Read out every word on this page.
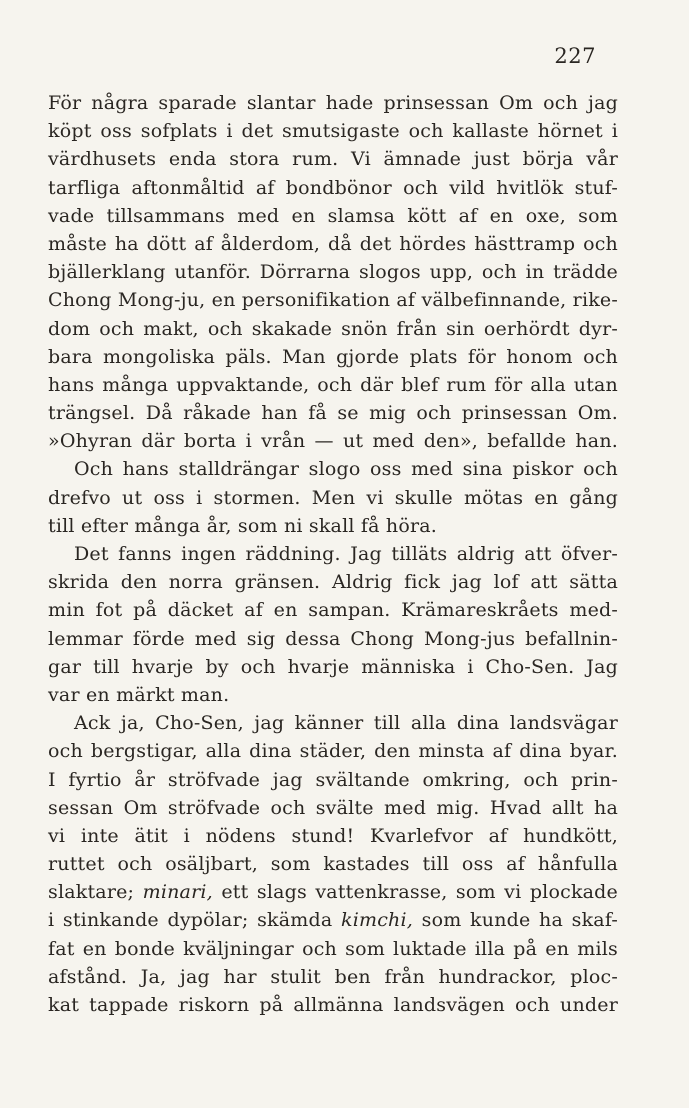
227
För några sparade slantar hade prinsessan Om och jag
köpt oss sofplats i det smutsigaste och kallaste hörnet i
värdhusets enda stora rum. Vi ämnade just börja vår
tarfliga aftonmåltid af bondbönor och vild hvitlök stuf-
vade tillsammans med en slamsa kött af en oxe, som
måste ha dött af ålderdom, då det hördes hästtramp och
bjällerklang utanför. Dörrarna slogos upp, och in trädde
Chong Mong-ju, en personifikation af välbefinnande, rike-
dom och makt, och skakade snön från sin oerhördt dyr-
bara mongoliska päls. Man gjorde plats för honom och
hans många uppvaktande, och där blef rum för alla utan
trängsel. Då råkade han få se mig och prinsessan Om.
»Ohyran där borta i vrån — ut med den», befallde han.
Och hans stalldrängar slogo oss med sina piskor och
drefvo ut oss i stormen. Men vi skulle mötas en gång
till efter många år, som ni skall få höra.
Det fanns ingen räddning. Jag tilläts aldrig att öfver-
skrida den norra gränsen. Aldrig fick jag lof att sätta
min fot på däcket af en sampan. Krämareskråets med-
lemmar förde med sig dessa Chong Mong-jus befallnin-
gar till hvarje by och hvarje människa i Cho-Sen. Jag
var en märkt man.
Ack ja, Cho-Sen, jag känner till alla dina landsvägar
och bergstigar, alla dina städer, den minsta af dina byar.
I fyrtio år ströfvade jag svältande omkring, och prin-
sessan Om ströfvade och svälte med mig. Hvad allt ha
vi inte ätit i nödens stund! Kvarlefvor af hundkött,
ruttet och osäljbart, som kastades till oss af hånfulla
slaktare; minari, ett slags vattenkrasse, som vi plockade
i stinkande dypölar; skämda kimchi, som kunde ha skaf-
fat en bonde kväljningar och som luktade illa på en mils
afstånd. Ja, jag har stulit ben från hundrackor, ploc-
kat tappade riskorn på allmänna landsvägen och under
